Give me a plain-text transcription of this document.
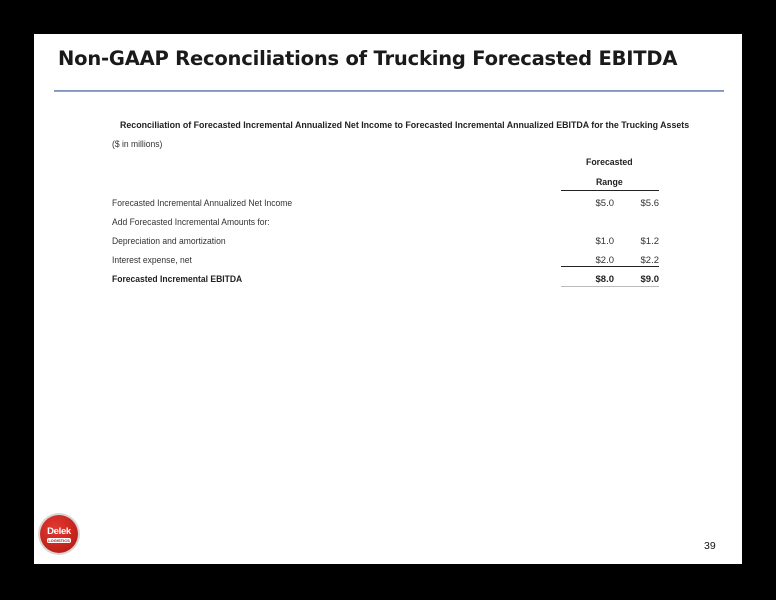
Non-GAAP Reconciliations of Trucking Forecasted EBITDA
Reconciliation of Forecasted Incremental Annualized Net Income to Forecasted Incremental Annualized EBITDA for the Trucking Assets
($ in millions)
Forecasted
Range
Forecasted Incremental Annualized Net Income	$5.0	$5.6
Add Forecasted Incremental Amounts for:
Depreciation and amortization	$1.0	$1.2
Interest expense, net	$2.0	$2.2
Forecasted Incremental EBITDA	$8.0	$9.0
Delek
LOGISTICS	39
